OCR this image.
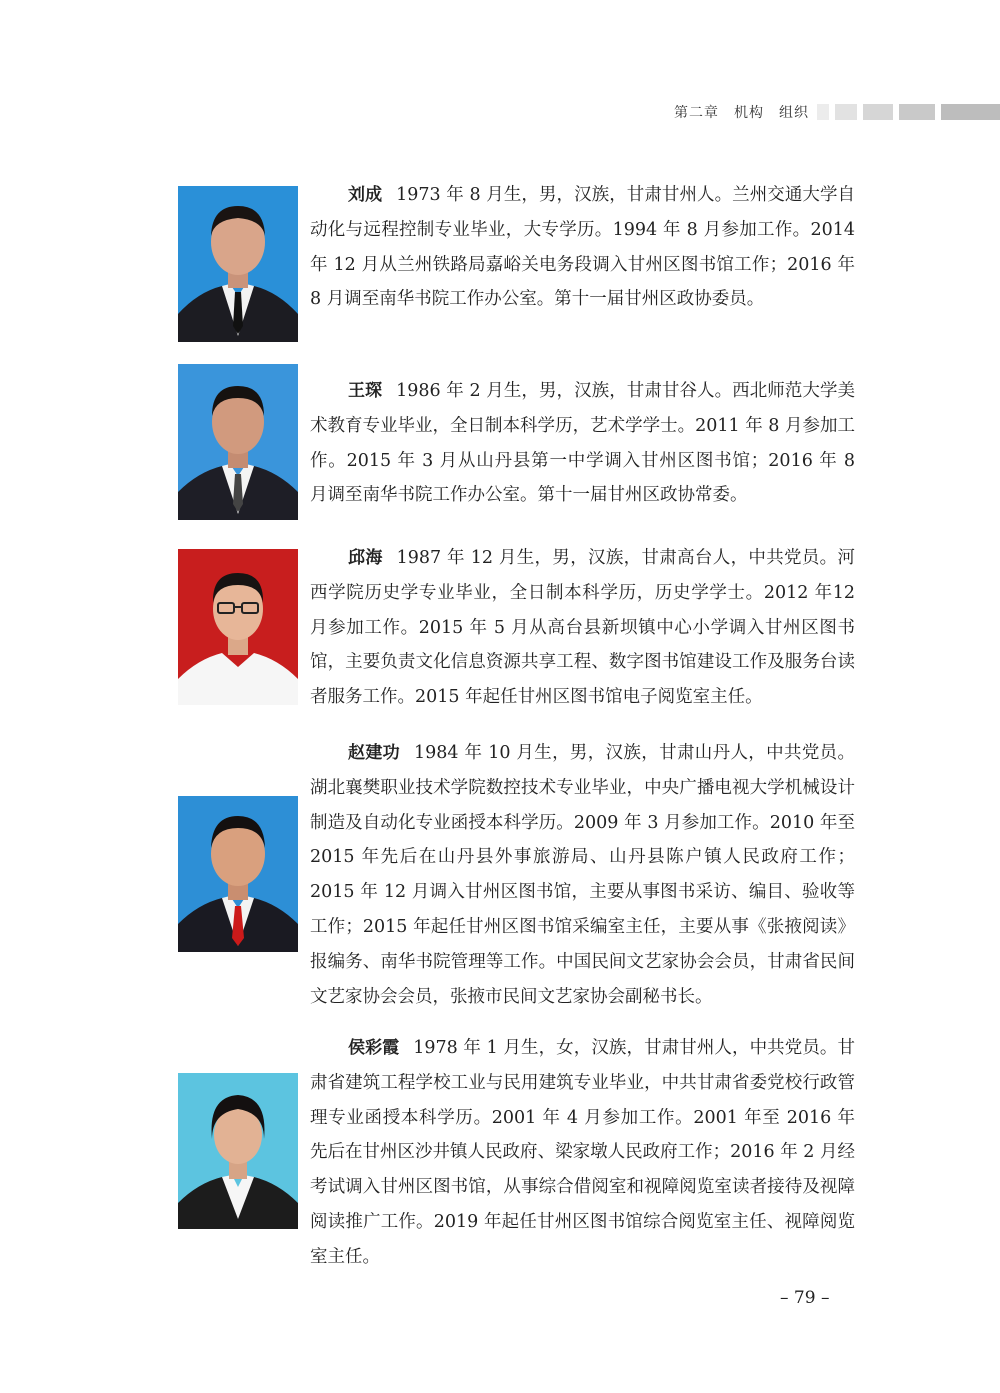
第二章　机构　组织

刘成 1973 年 8 月生，男，汉族，甘肃甘州人。兰州交通大学自动化与远程控制专业毕业，大专学历。1994 年 8 月参加工作。2014 年 12 月从兰州铁路局嘉峪关电务段调入甘州区图书馆工作；2016 年 8 月调至南华书院工作办公室。第十一届甘州区政协委员。

王琛 1986 年 2 月生，男，汉族，甘肃甘谷人。西北师范大学美术教育专业毕业，全日制本科学历，艺术学学士。2011 年 8 月参加工作。2015 年 3 月从山丹县第一中学调入甘州区图书馆；2016 年 8 月调至南华书院工作办公室。第十一届甘州区政协常委。

邱海 1987 年 12 月生，男，汉族，甘肃高台人，中共党员。河西学院历史学专业毕业，全日制本科学历，历史学学士。2012 年12 月参加工作。2015 年 5 月从高台县新坝镇中心小学调入甘州区图书馆，主要负责文化信息资源共享工程、数字图书馆建设工作及服务台读者服务工作。2015 年起任甘州区图书馆电子阅览室主任。

赵建功 1984 年 10 月生，男，汉族，甘肃山丹人，中共党员。湖北襄樊职业技术学院数控技术专业毕业，中央广播电视大学机械设计制造及自动化专业函授本科学历。2009 年 3 月参加工作。2010 年至 2015 年先后在山丹县外事旅游局、山丹县陈户镇人民政府工作；2015 年 12 月调入甘州区图书馆，主要从事图书采访、编目、验收等工作；2015 年起任甘州区图书馆采编室主任，主要从事《张掖阅读》报编务、南华书院管理等工作。中国民间文艺家协会会员，甘肃省民间文艺家协会会员，张掖市民间文艺家协会副秘书长。

侯彩霞 1978 年 1 月生，女，汉族，甘肃甘州人，中共党员。甘肃省建筑工程学校工业与民用建筑专业毕业，中共甘肃省委党校行政管理专业函授本科学历。2001 年 4 月参加工作。2001 年至 2016 年先后在甘州区沙井镇人民政府、梁家墩人民政府工作；2016 年 2 月经考试调入甘州区图书馆，从事综合借阅室和视障阅览室读者接待及视障阅读推广工作。2019 年起任甘州区图书馆综合阅览室主任、视障阅览室主任。

– 79 –
